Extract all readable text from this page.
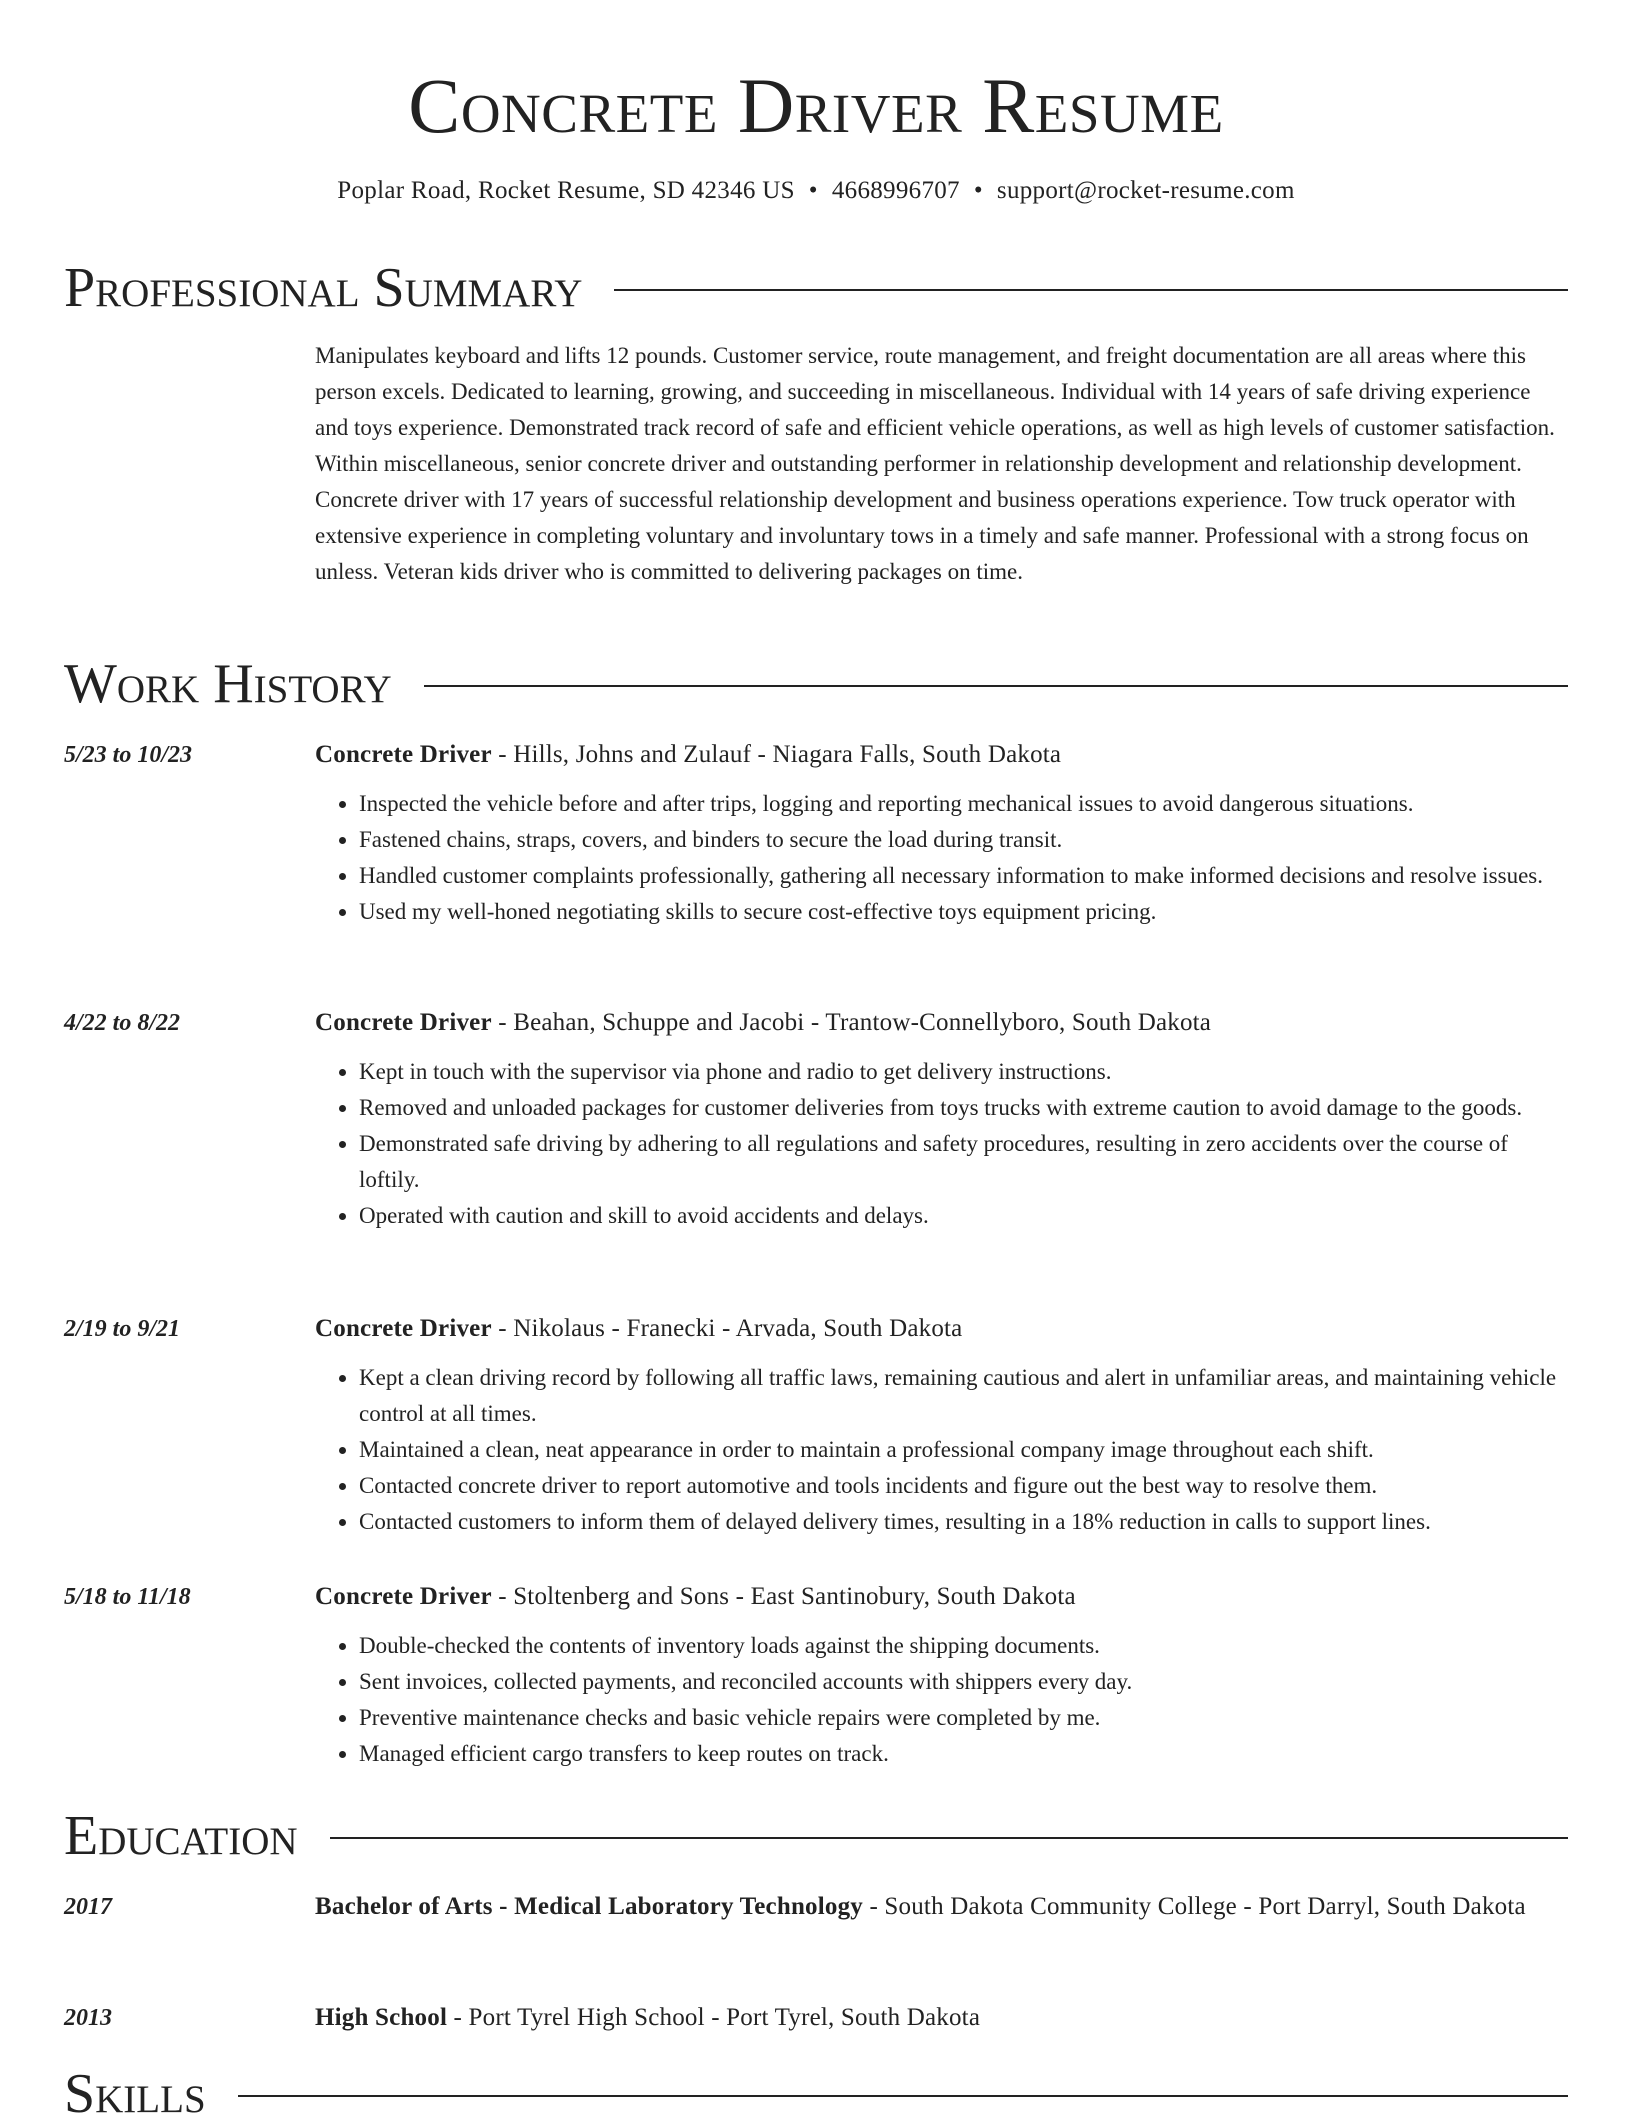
Concrete Driver Resume
Poplar Road, Rocket Resume, SD 42346 US • 4668996707 • support@rocket-resume.com
Professional Summary

Manipulates keyboard and lifts 12 pounds. Customer service, route management, and freight documentation are all areas where this person excels. Dedicated to learning, growing, and succeeding in miscellaneous. Individual with 14 years of safe driving experience and toys experience. Demonstrated track record of safe and efficient vehicle operations, as well as high levels of customer satisfaction. Within miscellaneous, senior concrete driver and outstanding performer in relationship development and relationship development. Concrete driver with 17 years of successful relationship development and business operations experience. Tow truck operator with extensive experience in completing voluntary and involuntary tows in a timely and safe manner. Professional with a strong focus on unless. Veteran kids driver who is committed to delivering packages on time.

Work History
5/23 to 10/23	Concrete Driver - Hills, Johns and Zulauf - Niagara Falls, South Dakota
• Inspected the vehicle before and after trips, logging and reporting mechanical issues to avoid dangerous situations.
• Fastened chains, straps, covers, and binders to secure the load during transit.
• Handled customer complaints professionally, gathering all necessary information to make informed decisions and resolve issues.
• Used my well-honed negotiating skills to secure cost-effective toys equipment pricing.
4/22 to 8/22	Concrete Driver - Beahan, Schuppe and Jacobi - Trantow-Connellyboro, South Dakota
• Kept in touch with the supervisor via phone and radio to get delivery instructions.
• Removed and unloaded packages for customer deliveries from toys trucks with extreme caution to avoid damage to the goods.
• Demonstrated safe driving by adhering to all regulations and safety procedures, resulting in zero accidents over the course of loftily.
• Operated with caution and skill to avoid accidents and delays.
2/19 to 9/21	Concrete Driver - Nikolaus - Franecki - Arvada, South Dakota
• Kept a clean driving record by following all traffic laws, remaining cautious and alert in unfamiliar areas, and maintaining vehicle control at all times.
• Maintained a clean, neat appearance in order to maintain a professional company image throughout each shift.
• Contacted concrete driver to report automotive and tools incidents and figure out the best way to resolve them.
• Contacted customers to inform them of delayed delivery times, resulting in a 18% reduction in calls to support lines.
5/18 to 11/18	Concrete Driver - Stoltenberg and Sons - East Santinobury, South Dakota
• Double-checked the contents of inventory loads against the shipping documents.
• Sent invoices, collected payments, and reconciled accounts with shippers every day.
• Preventive maintenance checks and basic vehicle repairs were completed by me.
• Managed efficient cargo transfers to keep routes on track.
Education
2017	Bachelor of Arts - Medical Laboratory Technology - South Dakota Community College - Port Darryl, South Dakota
2013	High School - Port Tyrel High School - Port Tyrel, South Dakota
Skills
